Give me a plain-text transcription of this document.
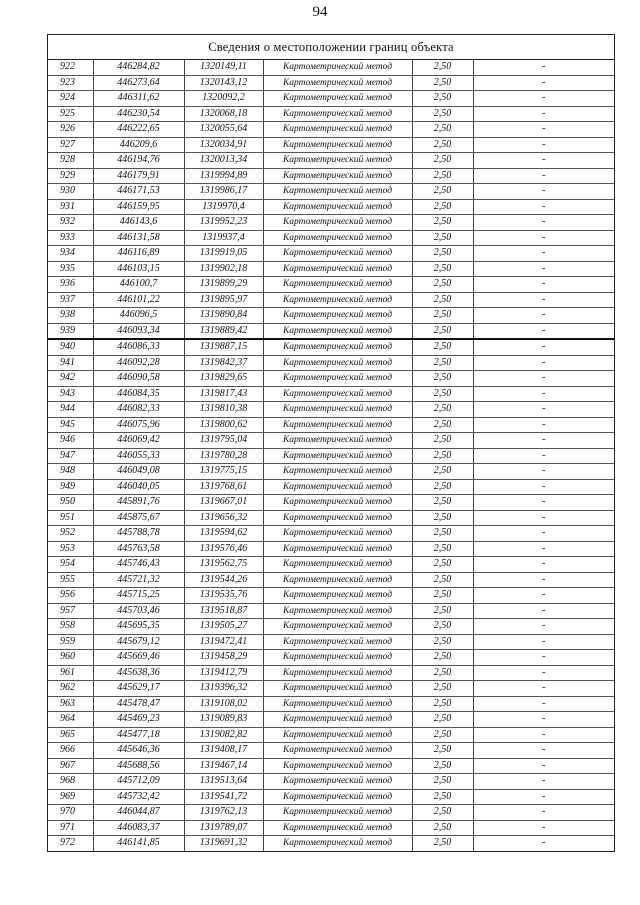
94
Сведения о местоположении границ объекта
922	446284,82	1320149,11	Картометрический метод	2,50	-
923	446273,64	1320143,12	Картометрический метод	2,50	-
924	446311,62	1320092,2	Картометрический метод	2,50	-
925	446230,54	1320068,18	Картометрический метод	2,50	-
926	446222,65	1320055,64	Картометрический метод	2,50	-
927	446209,6	1320034,91	Картометрический метод	2,50	-
928	446194,76	1320013,34	Картометрический метод	2,50	-
929	446179,91	1319994,89	Картометрический метод	2,50	-
930	446171,53	1319986,17	Картометрический метод	2,50	-
931	446159,95	1319970,4	Картометрический метод	2,50	-
932	446143,6	1319952,23	Картометрический метод	2,50	-
933	446131,58	1319937,4	Картометрический метод	2,50	-
934	446116,89	1319919,05	Картометрический метод	2,50	-
935	446103,15	1319902,18	Картометрический метод	2,50	-
936	446100,7	1319899,29	Картометрический метод	2,50	-
937	446101,22	1319895,97	Картометрический метод	2,50	-
938	446096,5	1319890,84	Картометрический метод	2,50	-
939	446093,34	1319889,42	Картометрический метод	2,50	-
940	446086,33	1319887,15	Картометрический метод	2,50	-
941	446092,28	1319842,37	Картометрический метод	2,50	-
942	446090,58	1319829,65	Картометрический метод	2,50	-
943	446084,35	1319817,43	Картометрический метод	2,50	-
944	446082,33	1319810,38	Картометрический метод	2,50	-
945	446075,96	1319800,62	Картометрический метод	2,50	-
946	446069,42	1319795,04	Картометрический метод	2,50	-
947	446055,33	1319780,28	Картометрический метод	2,50	-
948	446049,08	1319775,15	Картометрический метод	2,50	-
949	446040,05	1319768,61	Картометрический метод	2,50	-
950	445891,76	1319667,01	Картометрический метод	2,50	-
951	445875,67	1319656,32	Картометрический метод	2,50	-
952	445788,78	1319594,62	Картометрический метод	2,50	-
953	445763,58	1319576,46	Картометрический метод	2,50	-
954	445746,43	1319562,75	Картометрический метод	2,50	-
955	445721,32	1319544,26	Картометрический метод	2,50	-
956	445715,25	1319535,76	Картометрический метод	2,50	-
957	445703,46	1319518,87	Картометрический метод	2,50	-
958	445695,35	1319505,27	Картометрический метод	2,50	-
959	445679,12	1319472,41	Картометрический метод	2,50	-
960	445669,46	1319458,29	Картометрический метод	2,50	-
961	445638,36	1319412,79	Картометрический метод	2,50	-
962	445629,17	1319396,32	Картометрический метод	2,50	-
963	445478,47	1319108,02	Картометрический метод	2,50	-
964	445469,23	1319089,83	Картометрический метод	2,50	-
965	445477,18	1319082,82	Картометрический метод	2,50	-
966	445646,36	1319408,17	Картометрический метод	2,50	-
967	445688,56	1319467,14	Картометрический метод	2,50	-
968	445712,09	1319513,64	Картометрический метод	2,50	-
969	445732,42	1319541,72	Картометрический метод	2,50	-
970	446044,87	1319762,13	Картометрический метод	2,50	-
971	446083,37	1319789,07	Картометрический метод	2,50	-
972	446141,85	1319691,32	Картометрический метод	2,50	-
